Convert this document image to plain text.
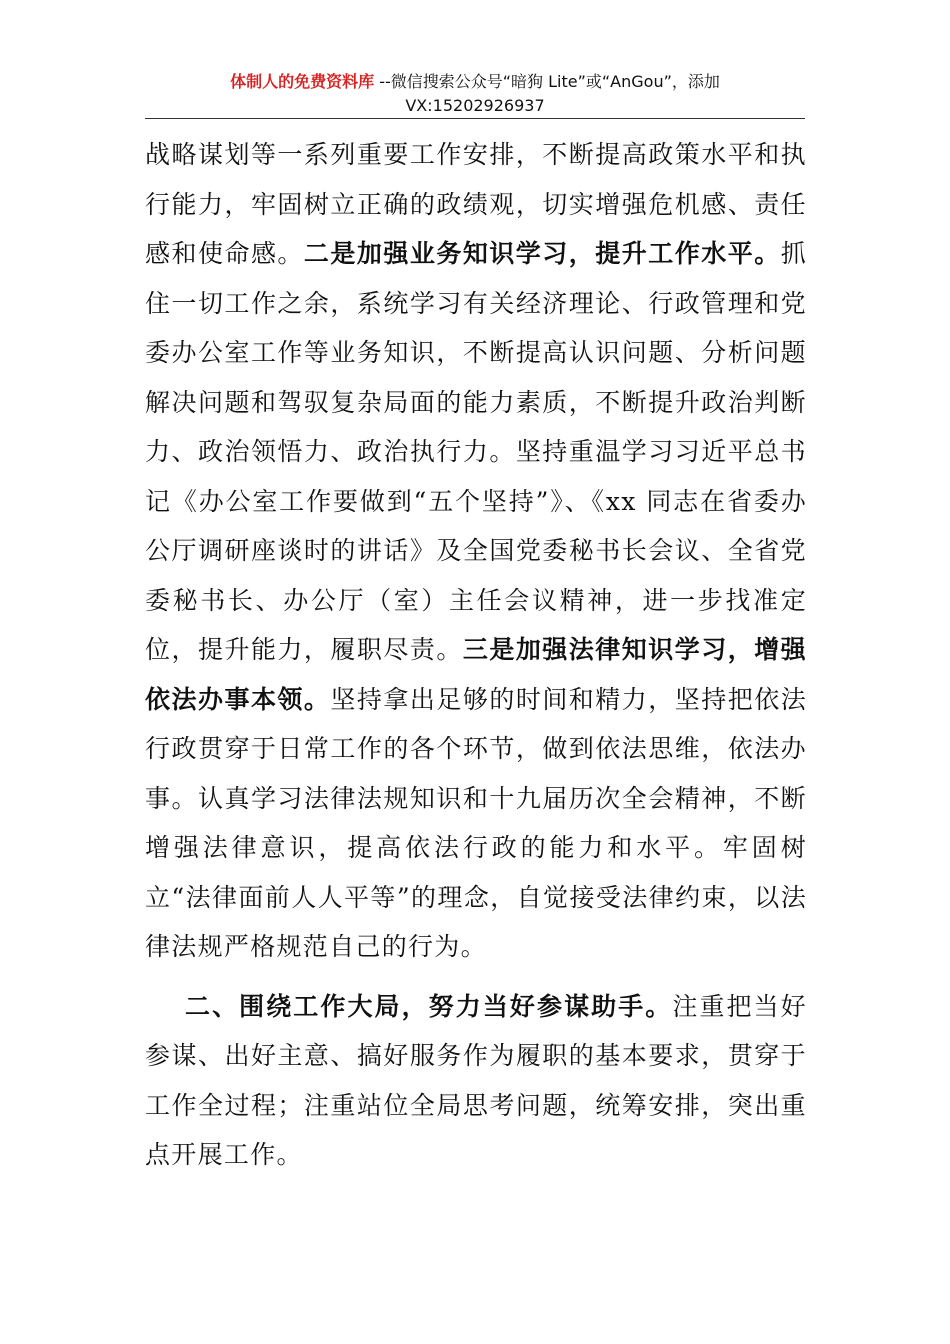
体制人的免费资料库 --微信搜索公众号“暗狗 Lite”或“AnGou”，添加
VX:15202926937

战略谋划等一系列重要工作安排，不断提高政策水平和执行能力，牢固树立正确的政绩观，切实增强危机感、责任感和使命感。二是加强业务知识学习，提升工作水平。抓住一切工作之余，系统学习有关经济理论、行政管理和党委办公室工作等业务知识，不断提高认识问题、分析问题解决问题和驾驭复杂局面的能力素质，不断提升政治判断力、政治领悟力、政治执行力。坚持重温学习习近平总书记《办公室工作要做到“五个坚持”》、《xx 同志在省委办公厅调研座谈时的讲话》及全国党委秘书长会议、全省党委秘书长、办公厅（室）主任会议精神，进一步找准定位，提升能力，履职尽责。三是加强法律知识学习，增强依法办事本领。坚持拿出足够的时间和精力，坚持把依法行政贯穿于日常工作的各个环节，做到依法思维，依法办事。认真学习法律法规知识和十九届历次全会精神，不断增强法律意识，提高依法行政的能力和水平。牢固树立“法律面前人人平等”的理念，自觉接受法律约束，以法律法规严格规范自己的行为。

二、围绕工作大局，努力当好参谋助手。注重把当好参谋、出好主意、搞好服务作为履职的基本要求，贯穿于工作全过程；注重站位全局思考问题，统筹安排，突出重点开展工作。
